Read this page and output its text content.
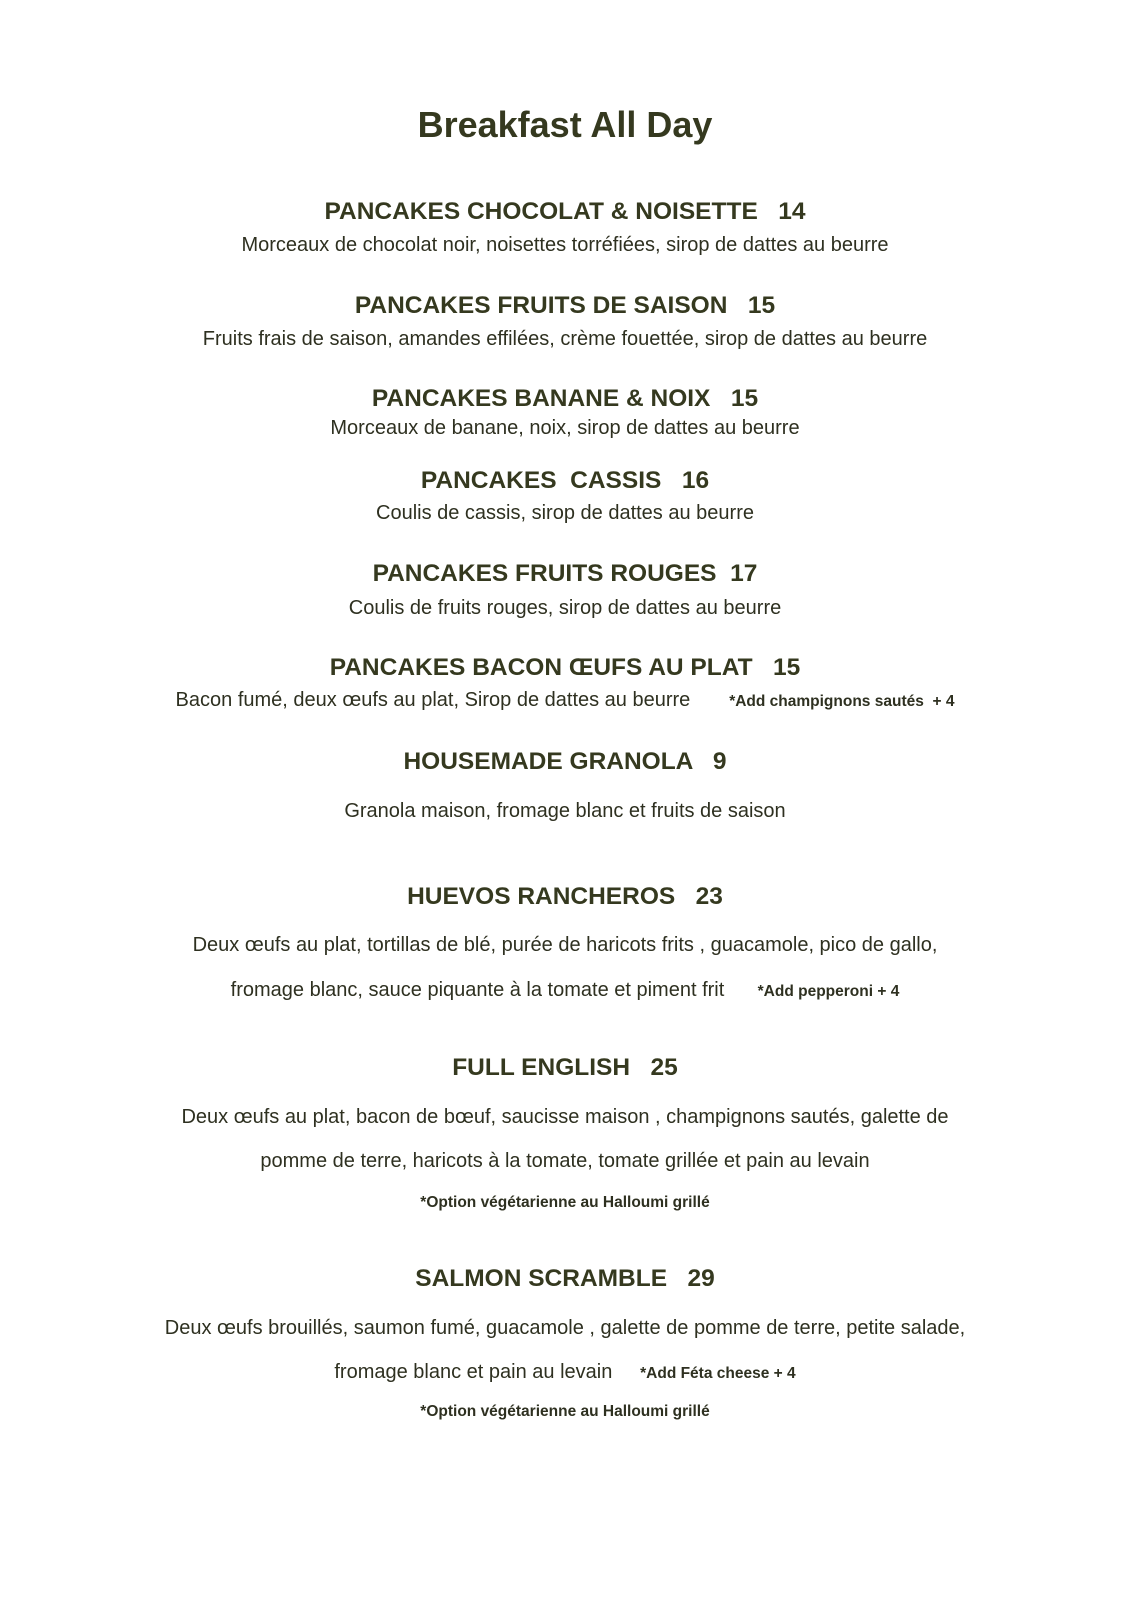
Breakfast All Day
PANCAKES CHOCOLAT & NOISETTE 14
Morceaux de chocolat noir, noisettes torréfiées, sirop de dattes au beurre
PANCAKES FRUITS DE SAISON 15
Fruits frais de saison, amandes effilées, crème fouettée, sirop de dattes au beurre
PANCAKES BANANE & NOIX 15
Morceaux de banane, noix, sirop de dattes au beurre
PANCAKES  CASSIS 16
Coulis de cassis, sirop de dattes au beurre
PANCAKES FRUITS ROUGES 17
Coulis de fruits rouges, sirop de dattes au beurre
PANCAKES BACON ŒUFS AU PLAT 15
Bacon fumé, deux œufs au plat, Sirop de dattes au beurre	*Add champignons sautés  + 4
HOUSEMADE GRANOLA 9
Granola maison, fromage blanc et fruits de saison
HUEVOS RANCHEROS 23
Deux œufs au plat, tortillas de blé, purée de haricots frits , guacamole, pico de gallo,
fromage blanc, sauce piquante à la tomate et piment frit *Add pepperoni + 4
FULL ENGLISH 25
Deux œufs au plat, bacon de bœuf, saucisse maison , champignons sautés, galette de
pomme de terre, haricots à la tomate, tomate grillée et pain au levain
*Option végétarienne au Halloumi grillé
SALMON SCRAMBLE 29
Deux œufs brouillés, saumon fumé, guacamole , galette de pomme de terre, petite salade,
fromage blanc et pain au levain *Add Féta cheese + 4
*Option végétarienne au Halloumi grillé
